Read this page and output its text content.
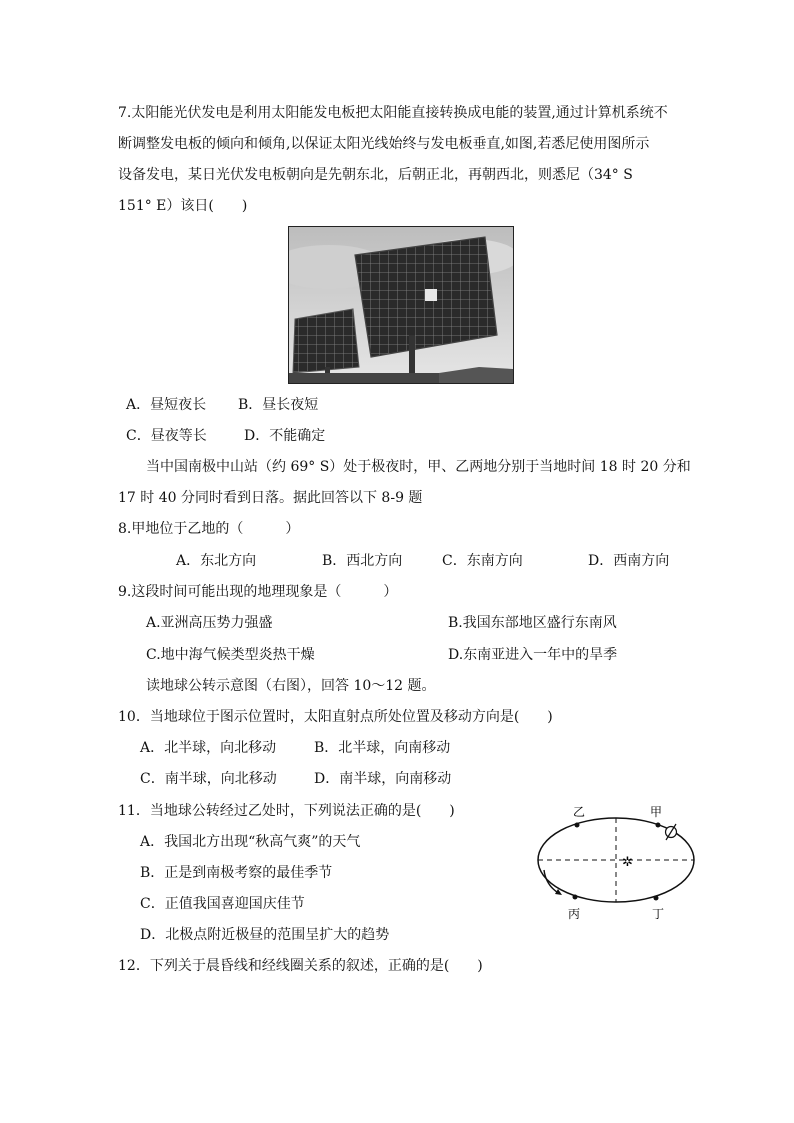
7.太阳能光伏发电是利用太阳能发电板把太阳能直接转换成电能的装置,通过计算机系统不
断调整发电板的倾向和倾角,以保证太阳光线始终与发电板垂直,如图,若悉尼使用图所示
设备发电，某日光伏发电板朝向是先朝东北，后朝正北，再朝西北，则悉尼（34° S
151° E）该日(　　)
A．昼短夜长 B．昼长夜短
C．昼夜等长	D．不能确定
当中国南极中山站（约 69° S）处于极夜时，甲、乙两地分别于当地时间 18 时 20 分和
17 时 40 分同时看到日落。据此回答以下 8-9 题
8.甲地位于乙地的（　　　）
A．东北方向	B．西北方向	C．东南方向	D．西南方向
9.这段时间可能出现的地理现象是（　　　）
A.亚洲高压势力强盛	B.我国东部地区盛行东南风
C.地中海气候类型炎热干燥	D.东南亚进入一年中的旱季
读地球公转示意图（右图），回答 10～12 题。
10．当地球位于图示位置时，太阳直射点所处位置及移动方向是(　　)
A．北半球，向北移动	B．北半球，向南移动
C．南半球，向北移动	D．南半球，向南移动
11．当地球公转经过乙处时，下列说法正确的是(　　)
A．我国北方出现“秋高气爽”的天气
B．正是到南极考察的最佳季节
C．正值我国喜迎国庆佳节
D．北极点附近极昼的范围呈扩大的趋势
乙	甲
丙	丁
✲
12．下列关于晨昏线和经线圈关系的叙述，正确的是(　　)
